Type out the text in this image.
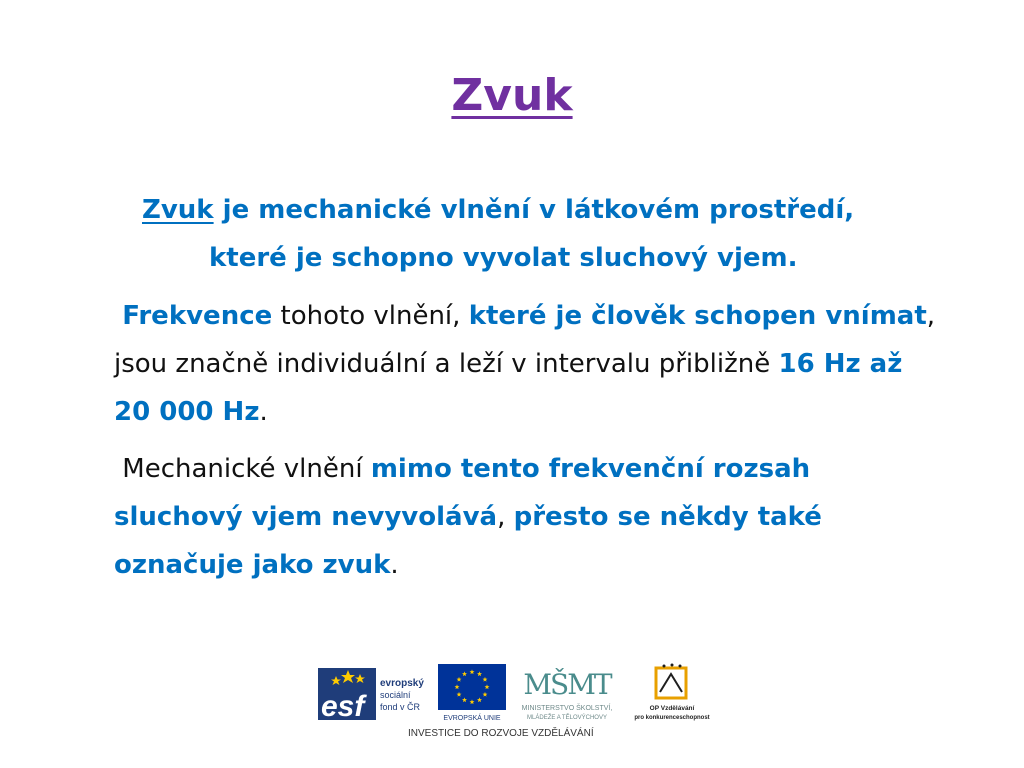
Zvuk

Zvuk je mechanické vlnění v látkovém prostředí,
které je schopno vyvolat sluchový vjem.

Frekvence tohoto vlnění, které je člověk schopen vnímat, jsou značně individuální a leží v intervalu přibližně 16 Hz až 20 000 Hz.

Mechanické vlnění mimo tento frekvenční rozsah sluchový vjem nevyvolává, přesto se někdy také označuje jako zvuk.

esf
evropský
sociální
fond v ČR
EVROPSKÁ UNIE
MŠMT
MINISTERSTVO ŠKOLSTVÍ,
MLÁDEŽE A TĚLOVÝCHOVY
OP Vzdělávání
pro konkurenceschopnost
INVESTICE DO ROZVOJE VZDĚLÁVÁNÍ
